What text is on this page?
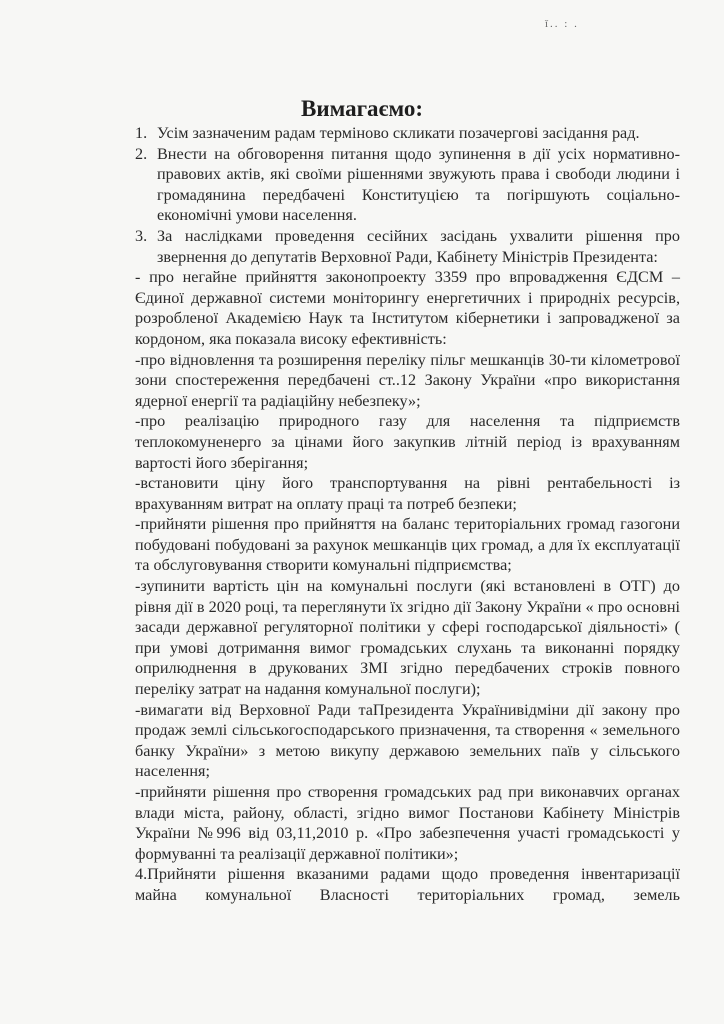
ǐ.. : .
Вимагаємо:
1. Усім зазначеним радам терміново скликати позачергові засідання рад.
2. Внести на обговорення питання щодо зупинення в дії усіх нормативно-правових актів, які своїми рішеннями звужують права і свободи людини і громадянина передбачені Конституцією та погіршують соціально- економічні умови населення.
3. За наслідками проведення сесійних засідань ухвалити рішення про звернення до депутатів Верховної Ради, Кабінету Міністрів Президента:

- про негайне прийняття законопроекту 3359 про впровадження ЄДСМ – Єдиної державної системи моніторингу енергетичних і природніх ресурсів, розробленої Академією Наук та Інститутом кібернетики і запровадженої за кордоном, яка показала високу ефективність:

-про відновлення та розширення переліку пільг мешканців 30-ти кілометрової зони спостереження передбачені ст..12 Закону України «про використання ядерної енергії та радіаційну небезпеку»;

-про реалізацію природного газу для населення та підприємств теплокомуненерго за цінами його закупкив літній період із врахуванням вартості його зберігання;

-встановити ціну його транспортування на рівні рентабельності із врахуванням витрат на оплату праці та потреб безпеки;

-прийняти рішення про прийняття на баланс територіальних громад газогони побудовані побудовані за рахунок мешканців цих громад, а для їх експлуатації та обслуговування створити комунальні підприємства;

-зупинити вартість цін на комунальні послуги (які встановлені в ОТГ) до рівня дії в 2020 році, та переглянути їх згідно дії Закону України « про основні засади державної регуляторної політики у сфері господарської діяльності» ( при умові дотримання вимог громадських слухань та виконанні порядку оприлюднення в друкованих ЗМІ згідно передбачених строків повного переліку затрат на надання комунальної послуги);

-вимагати від Верховної Ради таПрезидента Українивідміни дії закону про продаж землі сільськогосподарського призначення, та створення « земельного банку України» з метою викупу державою земельних паїв у сільського населення;

-прийняти рішення про створення громадських рад при виконавчих органах влади міста, району, області, згідно вимог Постанови Кабінету Міністрів України №996 від 03,11,2010 р. «Про забезпечення участі громадськості у формуванні та реалізації державної політики»;

4.Прийняти рішення вказаними радами щодо проведення інвентаризації майна комунальної Власності територіальних громад, земель
